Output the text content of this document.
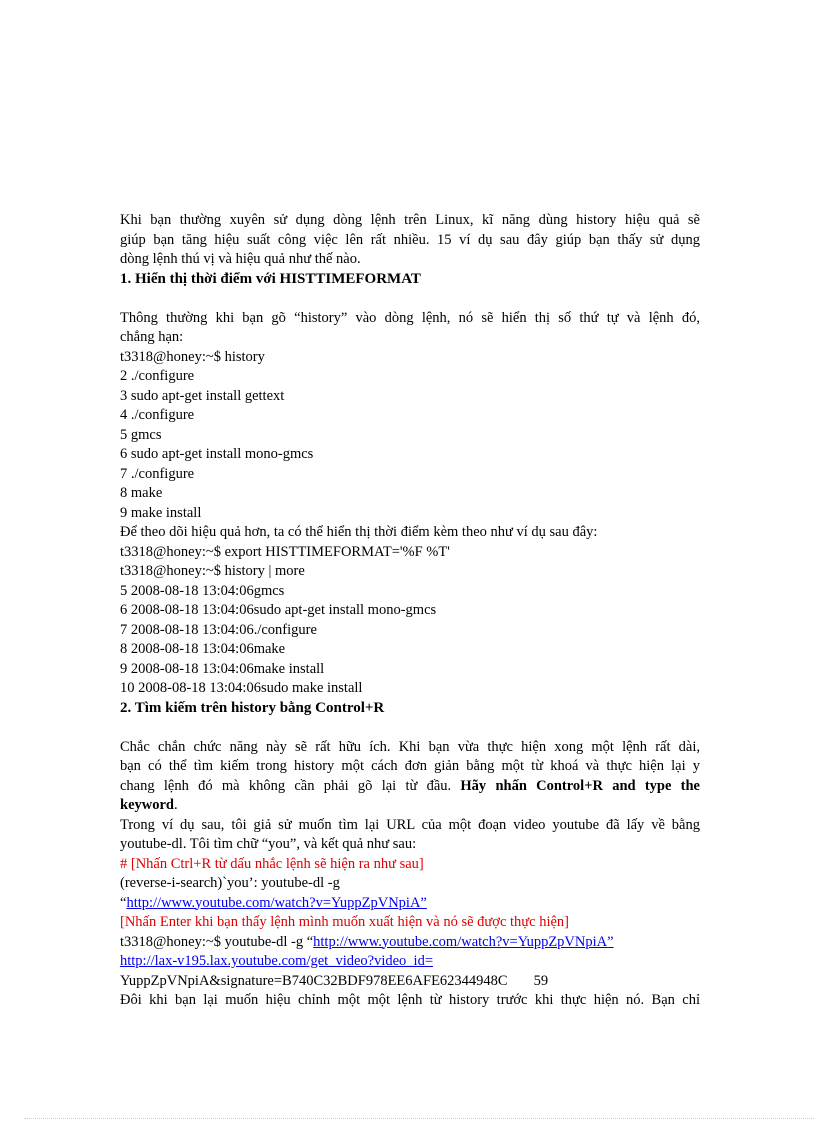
Khi bạn thường xuyên sử dụng dòng lệnh trên Linux, kĩ năng dùng history hiệu quả sẽ
giúp bạn tăng hiệu suất công việc lên rất nhiều. 15 ví dụ sau đây giúp bạn thấy sử dụng
dòng lệnh thú vị và hiệu quả như thế nào.
1. Hiển thị thời điểm với HISTTIMEFORMAT
Thông thường khi bạn gõ “history” vào dòng lệnh, nó sẽ hiển thị số thứ tự và lệnh đó,
chẳng hạn:
t3318@honey:~$ history
2 ./configure
3 sudo apt-get install gettext
4 ./configure
5 gmcs
6 sudo apt-get install mono-gmcs
7 ./configure
8 make
9 make install
Để theo dõi hiệu quả hơn, ta có thể hiển thị thời điểm kèm theo như ví dụ sau đây:
t3318@honey:~$ export HISTTIMEFORMAT='%F %T'
t3318@honey:~$ history | more
5 2008-08-18 13:04:06gmcs
6 2008-08-18 13:04:06sudo apt-get install mono-gmcs
7 2008-08-18 13:04:06./configure
8 2008-08-18 13:04:06make
9 2008-08-18 13:04:06make install
10 2008-08-18 13:04:06sudo make install
2. Tìm kiếm trên history bằng Control+R
Chắc chắn chức năng này sẽ rất hữu ích. Khi bạn vừa thực hiện xong một lệnh rất dài,
bạn có thể tìm kiếm trong history một cách đơn giản bằng một từ khoá và thực hiện lại y
chang lệnh đó mà không cần phải gõ lại từ đầu. Hãy nhấn Control+R and type the
keyword.
Trong ví dụ sau, tôi giả sử muốn tìm lại URL của một đoạn video youtube đã lấy về bằng
youtube-dl. Tôi tìm chữ “you”, và kết quả như sau:
# [Nhấn Ctrl+R từ dấu nhắc lệnh sẽ hiện ra như sau]
(reverse-i-search)`you’: youtube-dl -g
“http://www.youtube.com/watch?v=YuppZpVNpiA”
[Nhấn Enter khi bạn thấy lệnh mình muốn xuất hiện và nó sẽ được thực hiện]
t3318@honey:~$ youtube-dl -g “http://www.youtube.com/watch?v=YuppZpVNpiA”
http://lax-v195.lax.youtube.com/get_video?video_id=
YuppZpVNpiA&signature=B740C32BDF978EE6AFE62344948C 59
Đôi khi bạn lại muốn hiệu chỉnh một một lệnh từ history trước khi thực hiện nó. Bạn chỉ
